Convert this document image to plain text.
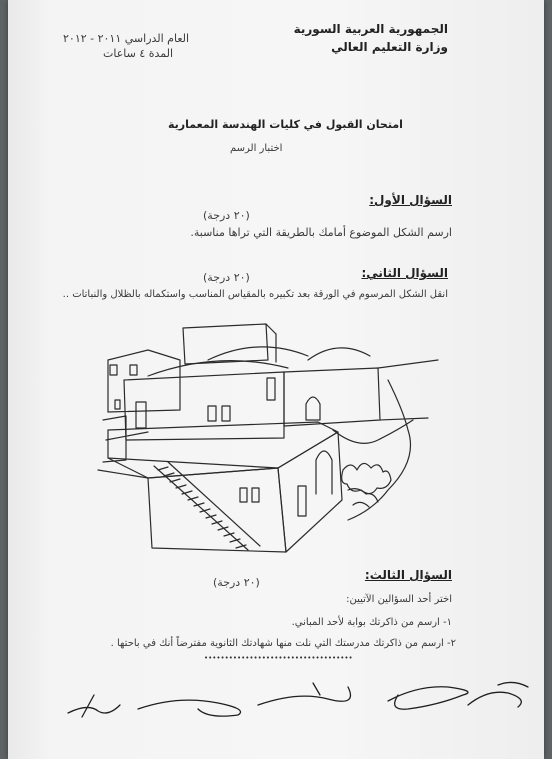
الجمهورية العربية السورية
وزارة التعليم العالي
العام الدراسي ٢٠١١ - ٢٠١٢
المدة ٤ ساعات
امتحان القبول في كليات الهندسة المعمارية
اختبار الرسم
السؤال الأول:
(٢٠ درجة)
ارسم الشكل الموضوع أمامك بالطريقة التي تراها مناسبة.
السؤال الثاني:
(٢٠ درجة)
انقل الشكل المرسوم في الورقة بعد تكبيره بالمقياس المناسب واستكماله بالظلال والنباتات ..
(٢٠ درجة)
السؤال الثالث:
اختر أحد السؤالين الآتيين:
١- ارسم من ذاكرتك بوابة لأحد المباني.
٢- ارسم من ذاكرتك مدرستك التي نلت منها شهادتك الثانوية مفترضاً أنك في باحتها .
••••••••••••••••••••••••••••••••••••
